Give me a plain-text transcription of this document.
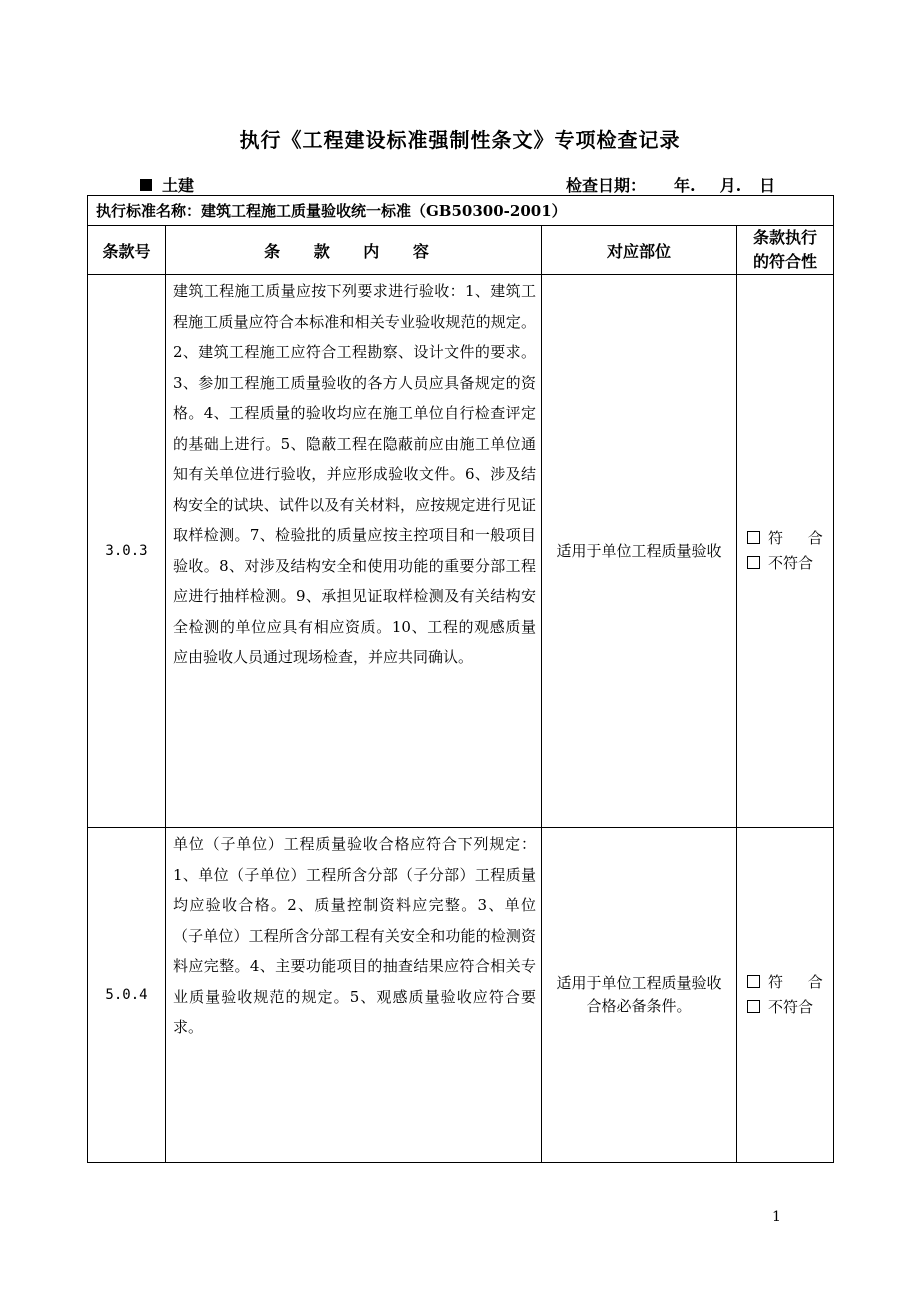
执行《工程建设标准强制性条文》专项检查记录
土建	检查日期： 年. 月. 日
执行标准名称：建筑工程施工质量验收统一标准（GB50300-2001）			
条款号	条 款 内 容	对应部位	条款执行
的符合性

3.0.3	建筑工程施工质量应按下列要求进行验收：1、建筑工程施工质量应符合本标准和相关专业验收规范的规定。2、建筑工程施工应符合工程勘察、设计文件的要求。3、参加工程施工质量验收的各方人员应具备规定的资格。4、工程质量的验收均应在施工单位自行检查评定的基础上进行。5、隐蔽工程在隐蔽前应由施工单位通知有关单位进行验收，并应形成验收文件。6、涉及结构安全的试块、试件以及有关材料，应按规定进行见证取样检测。7、检验批的质量应按主控项目和一般项目验收。8、对涉及结构安全和使用功能的重要分部工程应进行抽样检测。9、承担见证取样检测及有关结构安全检测的单位应具有相应资质。10、工程的观感质量应由验收人员通过现场检查，并应共同确认。	适用于单位工程质量验收	符 合
不符合

5.0.4	单位（子单位）工程质量验收合格应符合下列规定：1、单位（子单位）工程所含分部（子分部）工程质量均应验收合格。2、质量控制资料应完整。3、单位（子单位）工程所含分部工程有关安全和功能的检测资料应完整。4、主要功能项目的抽查结果应符合相关专业质量验收规范的规定。5、观感质量验收应符合要求。	适用于单位工程质量验收合格必备条件。	符 合
不符合
1
